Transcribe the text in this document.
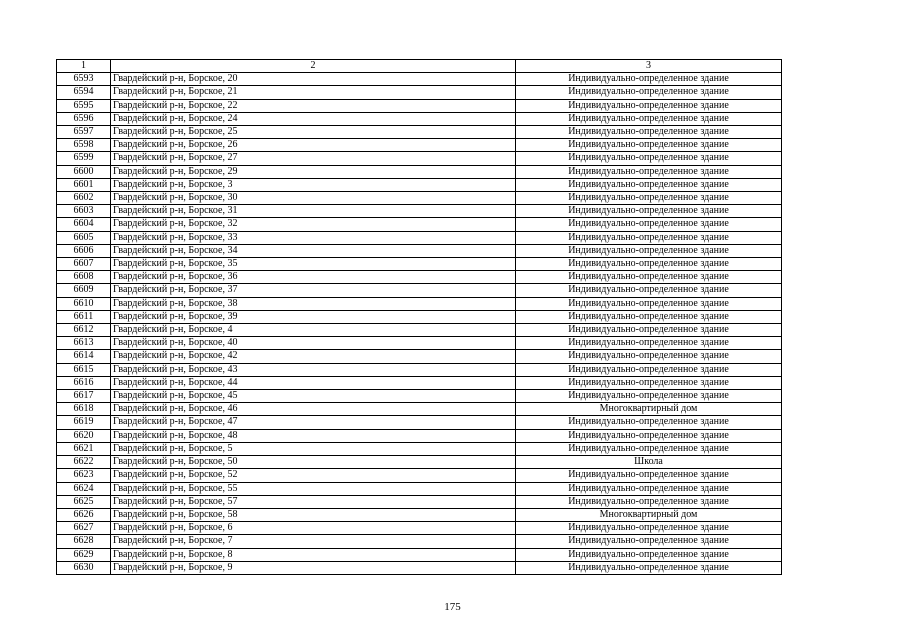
1	2	3
6593	Гвардейский р-н, Борское, 20	Индивидуально-определенное здание
6594	Гвардейский р-н, Борское, 21	Индивидуально-определенное здание
6595	Гвардейский р-н, Борское, 22	Индивидуально-определенное здание
6596	Гвардейский р-н, Борское, 24	Индивидуально-определенное здание
6597	Гвардейский р-н, Борское, 25	Индивидуально-определенное здание
6598	Гвардейский р-н, Борское, 26	Индивидуально-определенное здание
6599	Гвардейский р-н, Борское, 27	Индивидуально-определенное здание
6600	Гвардейский р-н, Борское, 29	Индивидуально-определенное здание
6601	Гвардейский р-н, Борское, 3	Индивидуально-определенное здание
6602	Гвардейский р-н, Борское, 30	Индивидуально-определенное здание
6603	Гвардейский р-н, Борское, 31	Индивидуально-определенное здание
6604	Гвардейский р-н, Борское, 32	Индивидуально-определенное здание
6605	Гвардейский р-н, Борское, 33	Индивидуально-определенное здание
6606	Гвардейский р-н, Борское, 34	Индивидуально-определенное здание
6607	Гвардейский р-н, Борское, 35	Индивидуально-определенное здание
6608	Гвардейский р-н, Борское, 36	Индивидуально-определенное здание
6609	Гвардейский р-н, Борское, 37	Индивидуально-определенное здание
6610	Гвардейский р-н, Борское, 38	Индивидуально-определенное здание
6611	Гвардейский р-н, Борское, 39	Индивидуально-определенное здание
6612	Гвардейский р-н, Борское, 4	Индивидуально-определенное здание
6613	Гвардейский р-н, Борское, 40	Индивидуально-определенное здание
6614	Гвардейский р-н, Борское, 42	Индивидуально-определенное здание
6615	Гвардейский р-н, Борское, 43	Индивидуально-определенное здание
6616	Гвардейский р-н, Борское, 44	Индивидуально-определенное здание
6617	Гвардейский р-н, Борское, 45	Индивидуально-определенное здание
6618	Гвардейский р-н, Борское, 46	Многоквартирный дом
6619	Гвардейский р-н, Борское, 47	Индивидуально-определенное здание
6620	Гвардейский р-н, Борское, 48	Индивидуально-определенное здание
6621	Гвардейский р-н, Борское, 5	Индивидуально-определенное здание
6622	Гвардейский р-н, Борское, 50	Школа
6623	Гвардейский р-н, Борское, 52	Индивидуально-определенное здание
6624	Гвардейский р-н, Борское, 55	Индивидуально-определенное здание
6625	Гвардейский р-н, Борское, 57	Индивидуально-определенное здание
6626	Гвардейский р-н, Борское, 58	Многоквартирный дом
6627	Гвардейский р-н, Борское, 6	Индивидуально-определенное здание
6628	Гвардейский р-н, Борское, 7	Индивидуально-определенное здание
6629	Гвардейский р-н, Борское, 8	Индивидуально-определенное здание
6630	Гвардейский р-н, Борское, 9	Индивидуально-определенное здание
175
